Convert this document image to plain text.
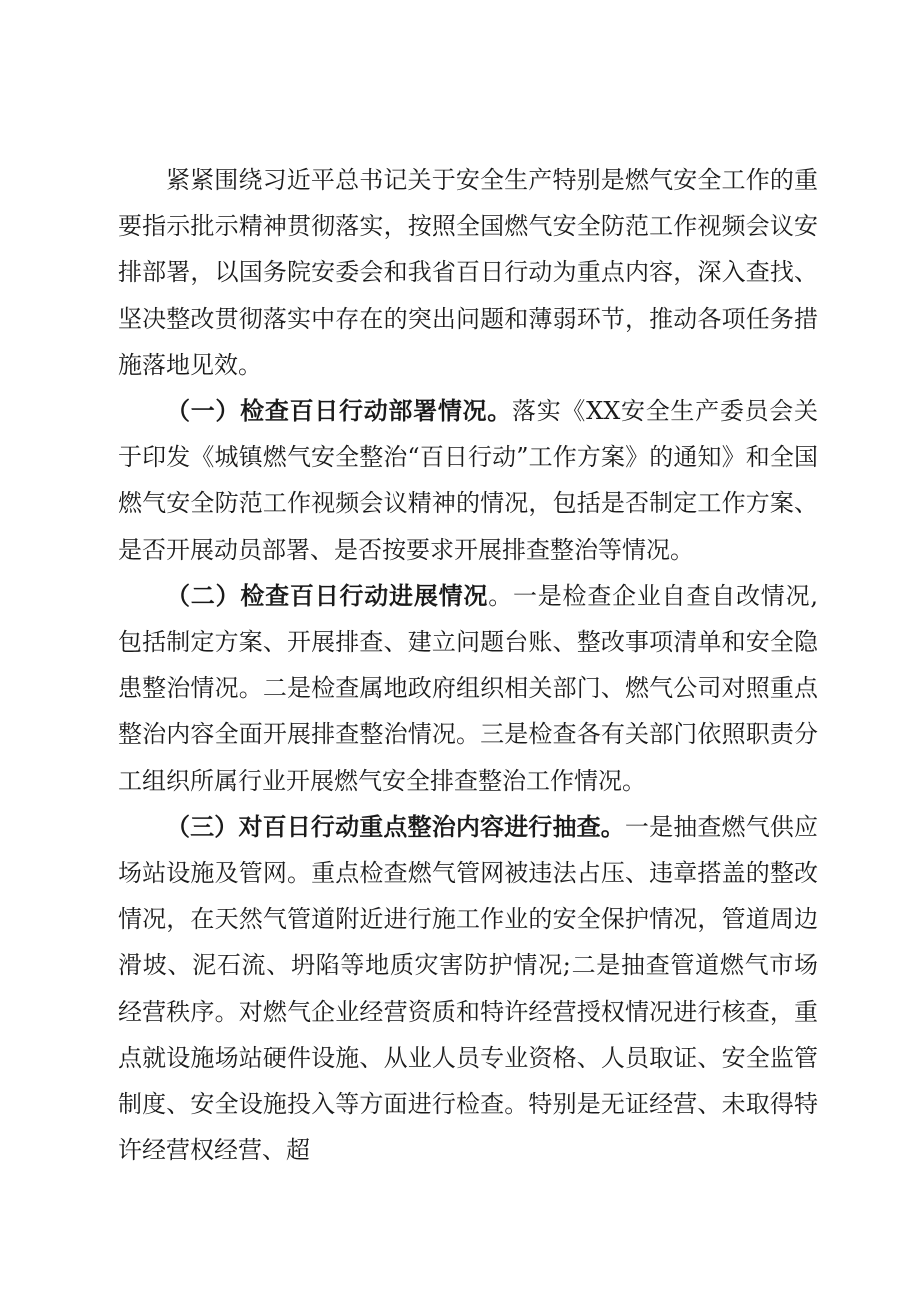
紧紧围绕习近平总书记关于安全生产特别是燃气安全工作的重要指示批示精神贯彻落实，按照全国燃气安全防范工作视频会议安排部署，以国务院安委会和我省百日行动为重点内容，深入查找、坚决整改贯彻落实中存在的突出问题和薄弱环节，推动各项任务措施落地见效。

（一）检查百日行动部署情况。落实《XX安全生产委员会关于印发《城镇燃气安全整治“百日行动”工作方案》的通知》和全国燃气安全防范工作视频会议精神的情况，包括是否制定工作方案、是否开展动员部署、是否按要求开展排查整治等情况。

（二）检查百日行动进展情况。一是检查企业自查自改情况,包括制定方案、开展排查、建立问题台账、整改事项清单和安全隐患整治情况。二是检查属地政府组织相关部门、燃气公司对照重点整治内容全面开展排查整治情况。三是检查各有关部门依照职责分工组织所属行业开展燃气安全排查整治工作情况。

（三）对百日行动重点整治内容进行抽查。一是抽查燃气供应场站设施及管网。重点检查燃气管网被违法占压、违章搭盖的整改情况，在天然气管道附近进行施工作业的安全保护情况，管道周边滑坡、泥石流、坍陷等地质灾害防护情况;二是抽查管道燃气市场经营秩序。对燃气企业经营资质和特许经营授权情况进行核查，重点就设施场站硬件设施、从业人员专业资格、人员取证、安全监管制度、安全设施投入等方面进行检查。特别是无证经营、未取得特许经营权经营、超
